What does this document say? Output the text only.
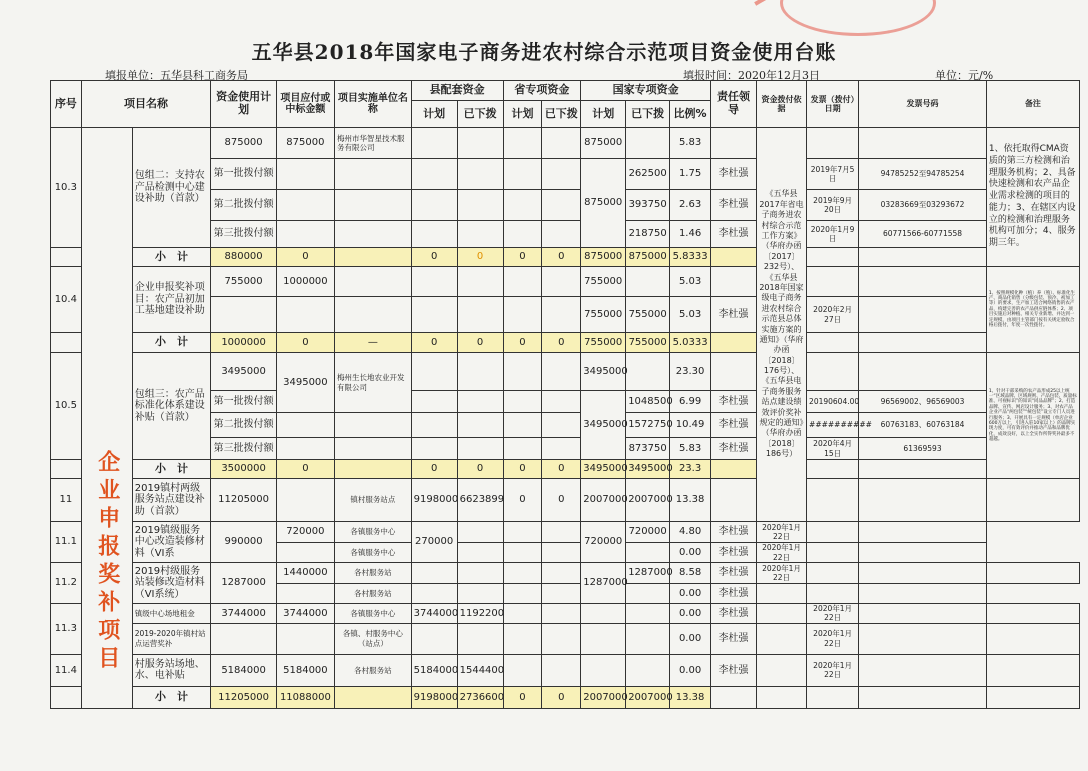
五华县2018年国家电子商务进农村综合示范项目资金使用台账
填报单位：五华县科工商务局	填报时间：2020年12月3日	单位：元/%
序号	项目名称		资金使用计划	项目应付或中标金额	项目实施单位名称	县配套资金		省专项资金		国家专项资金			责任领导	资金拨付依据	发票（拨付）日期	发票号码	备注
						计划	已下拨	计划	已下拨	计划	已下拨	比例%					
10.3	企业申报奖补项目	包组二：支持农产品检测中心建设补助（首款）	875000	875000	梅州市华智星技术服务有限公司					875000		5.83		《五华县2017年省电子商务进农村综合示范工作方案》（华府办函〔2017〕232号）、《五华县2018年国家级电子商务进农村综合示范县总体实施方案的通知》（华府办函〔2018〕176号）、《五华县电子商务服务站点建设绩效评价奖补规定的通知》（华府办函〔2018〕186号）			1、依托取得CMA资质的第三方检测和治理服务机构；2、具备快速检测和农产品企业需求检测的项目的能力；3、在辖区内设立的检测和治理服务机构可加分；4、服务期三年。
			第一批拨付额							875000	262500	1.75	李杜强		2019年7月5日	94785252至94785254	
			第二批拨付额								393750	2.63	李杜强		2019年9月20日	03283669至03293672	
			第三批拨付额								218750	1.46	李杜强		2020年1月9日	60771566-60771558	
		小　计	880000	0		0	0	0	0	875000	875000	5.8333					
10.4		企业申报奖补项目：农产品初加工基地建设补助	755000	1000000						755000		5.03					1、按照规模化种（植）养（殖）、标准化生产、商品化销售（分级包装、预冷、初加工等）的要求，生产加工适合网络销售的农产品，构建完善的农产品供应链体系；2、项目实施后对种植、相关专业新增、并达到一定规模，由项目主管部门按有关规定验收合格后拨付，年度一次性拨付。
										755000	755000	5.03	李杜强		2020年2月27日		
		小　计	1000000	0	—	0	0	0	0	755000	755000	5.0333					
10.5		包组三：农产品标准化体系建设补贴（首款）	3495000	3495000	梅州生长地农业开发有限公司					3495000		23.30					1、针对干部采购的农产品形成25以上统一“区域品牌、区域规则、产品包装、质量标准、可视标识”的知识“同品品牌”；2、打造品牌、宣传、网店设计服务；3、对农产品企业产品“两包装”“统包装”设立专门人员进行服务；3、开展具有一定规模（单店企业600万以上，引进入驻10家以上）的品牌实现力度，可有效评价并推动产品和品牌优化，成效良好，以上全实作所得奖补最多不超越。
			第一批拨付额							3495000	1048500	6.99	李杜强		20190604.00	96569002、96569003	
			第二批拨付额								1572750	10.49	李杜强		##########	60763183、60763184	
			第三批拨付额								873750	5.83	李杜强		2020年4月15日	61369593	
		小　计	3500000	0		0	0	0	0	3495000	3495000	23.3					
11		2019镇村两级服务站点建设补助（首款）	11205000		镇村服务站点	9198000	6623899	0	0	2007000	2007000	13.38					
11.1		2019镇级服务中心改造装修材料（VI系	990000	720000	各镇服务中心	270000				720000	720000	4.80	李杜强	2020年1月22日			
					各镇服务中心							0.00	李杜强	2020年1月22日			
11.2		2019村级服务站装修改造材料（VI系统）	1287000	1440000	各村服务站					1287000	1287000	8.58	李杜强	2020年1月22日			
					各村服务站							0.00	李杜强				
11.3		镇级中心场地租金	3744000	3744000	各镇服务中心	3744000	1192200					0.00	李杜强		2020年1月22日		
		2019-2020年镇村站点运营奖补			各镇、村服务中心（站点）							0.00	李杜强		2020年1月22日		
11.4		村服务站场地、水、电补贴	5184000	5184000	各村服务站	5184000	1544400					0.00	李杜强		2020年1月22日		
		小　计	11205000	11088000		9198000	2736600	0	0	2007000	2007000	13.38					
